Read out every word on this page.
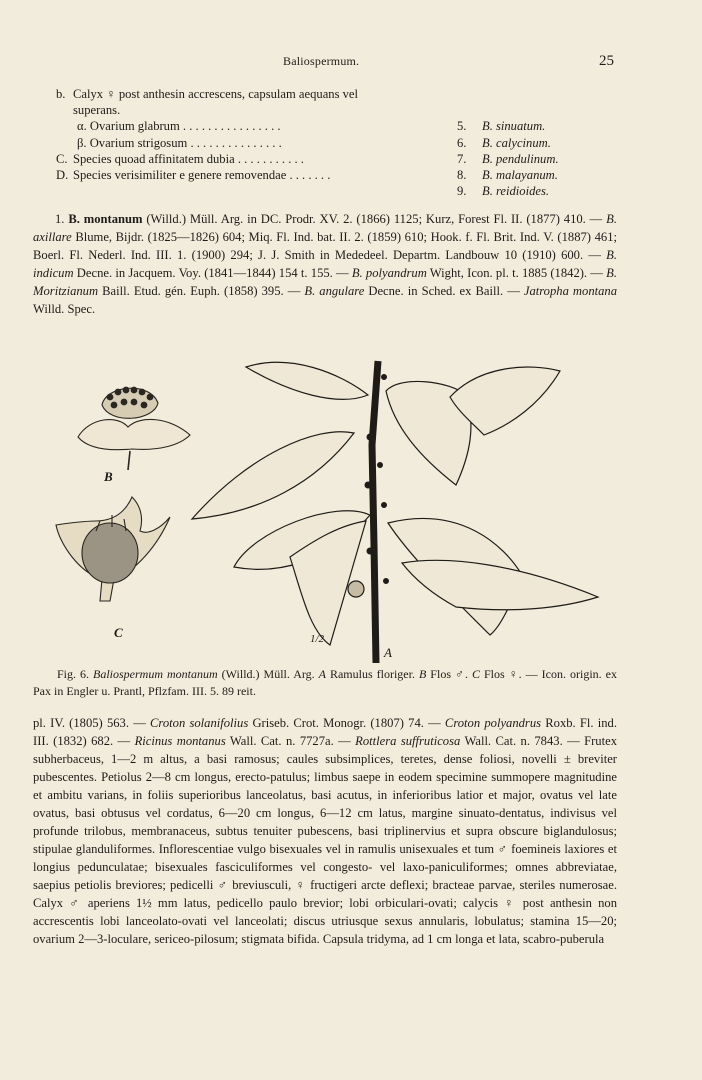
Baliospermum.	25
b. Calyx ♀ post anthesin accrescens, capsulam aequans vel
superans.
α. Ovarium glabrum . . . . . . . . . . . . . . . .	5. B. sinuatum.
β. Ovarium strigosum . . . . . . . . . . . . . . .	6. B. calycinum.
C. Species quoad affinitatem dubia . . . . . . . . . . .	7. B. pendulinum.
D. Species verisimiliter e genere removendae . . . . . . .	8. B. malayanum.
9. B. reidioides.

1. B. montanum (Willd.) Müll. Arg. in DC. Prodr. XV. 2. (1866) 1125; Kurz, Forest Fl. II. (1877) 410. — B. axillare Blume, Bijdr. (1825—1826) 604; Miq. Fl. Ind. bat. II. 2. (1859) 610; Hook. f. Fl. Brit. Ind. V. (1887) 461; Boerl. Fl. Nederl. Ind. III. 1. (1900) 294; J. J. Smith in Mededeel. Departm. Landbouw 10 (1910) 600. — B. indicum Decne. in Jacquem. Voy. (1841—1844) 154 t. 155. — B. polyandrum Wight, Icon. pl. t. 1885 (1842). — B. Moritzianum Baill. Etud. gén. Euph. (1858) 395. — B. angulare Decne. in Sched. ex Baill. — Jatropha montana Willd. Spec.

B
C
A
1/2

Fig. 6. Baliospermum montanum (Willd.) Müll. Arg. A Ramulus floriger. B Flos ♂. C Flos ♀. — Icon. origin. ex Pax in Engler u. Prantl, Pflzfam. III. 5. 89 reit.

pl. IV. (1805) 563. — Croton solanifolius Griseb. Crot. Monogr. (1807) 74. — Croton polyandrus Roxb. Fl. ind. III. (1832) 682. — Ricinus montanus Wall. Cat. n. 7727a. — Rottlera suffruticosa Wall. Cat. n. 7843. — Frutex subherbaceus, 1—2 m altus, a basi ramosus; caules subsimplices, teretes, dense foliosi, novelli ± breviter pubescentes. Petiolus 2—8 cm longus, erecto-patulus; limbus saepe in eodem specimine summopere magnitudine et ambitu varians, in foliis superioribus lanceolatus, basi acutus, in inferioribus latior et major, ovatus vel late ovatus, basi obtusus vel cordatus, 6—20 cm longus, 6—12 cm latus, margine sinuato-dentatus, indivisus vel profunde trilobus, membranaceus, subtus tenuiter pubescens, basi triplinervius et supra obscure biglandulosus; stipulae glanduliformes. Inflorescentiae vulgo bisexuales vel in ramulis unisexuales et tum ♂ foemineis laxiores et longius pedunculatae; bisexuales fasciculiformes vel congesto- vel laxo-paniculiformes; omnes abbreviatae, saepius petiolis breviores; pedicelli ♂ breviusculi, ♀ fructigeri arcte deflexi; bracteae parvae, steriles numerosae. Calyx ♂ aperiens 1½ mm latus, pedicello paulo brevior; lobi orbiculari-ovati; calycis ♀ post anthesin non accrescentis lobi lanceolato-ovati vel lanceolati; discus utriusque sexus annularis, lobulatus; stamina 15—20; ovarium 2—3-loculare, sericeo-pilosum; stigmata bifida. Capsula tridyma, ad 1 cm longa et lata, scabro-puberula
